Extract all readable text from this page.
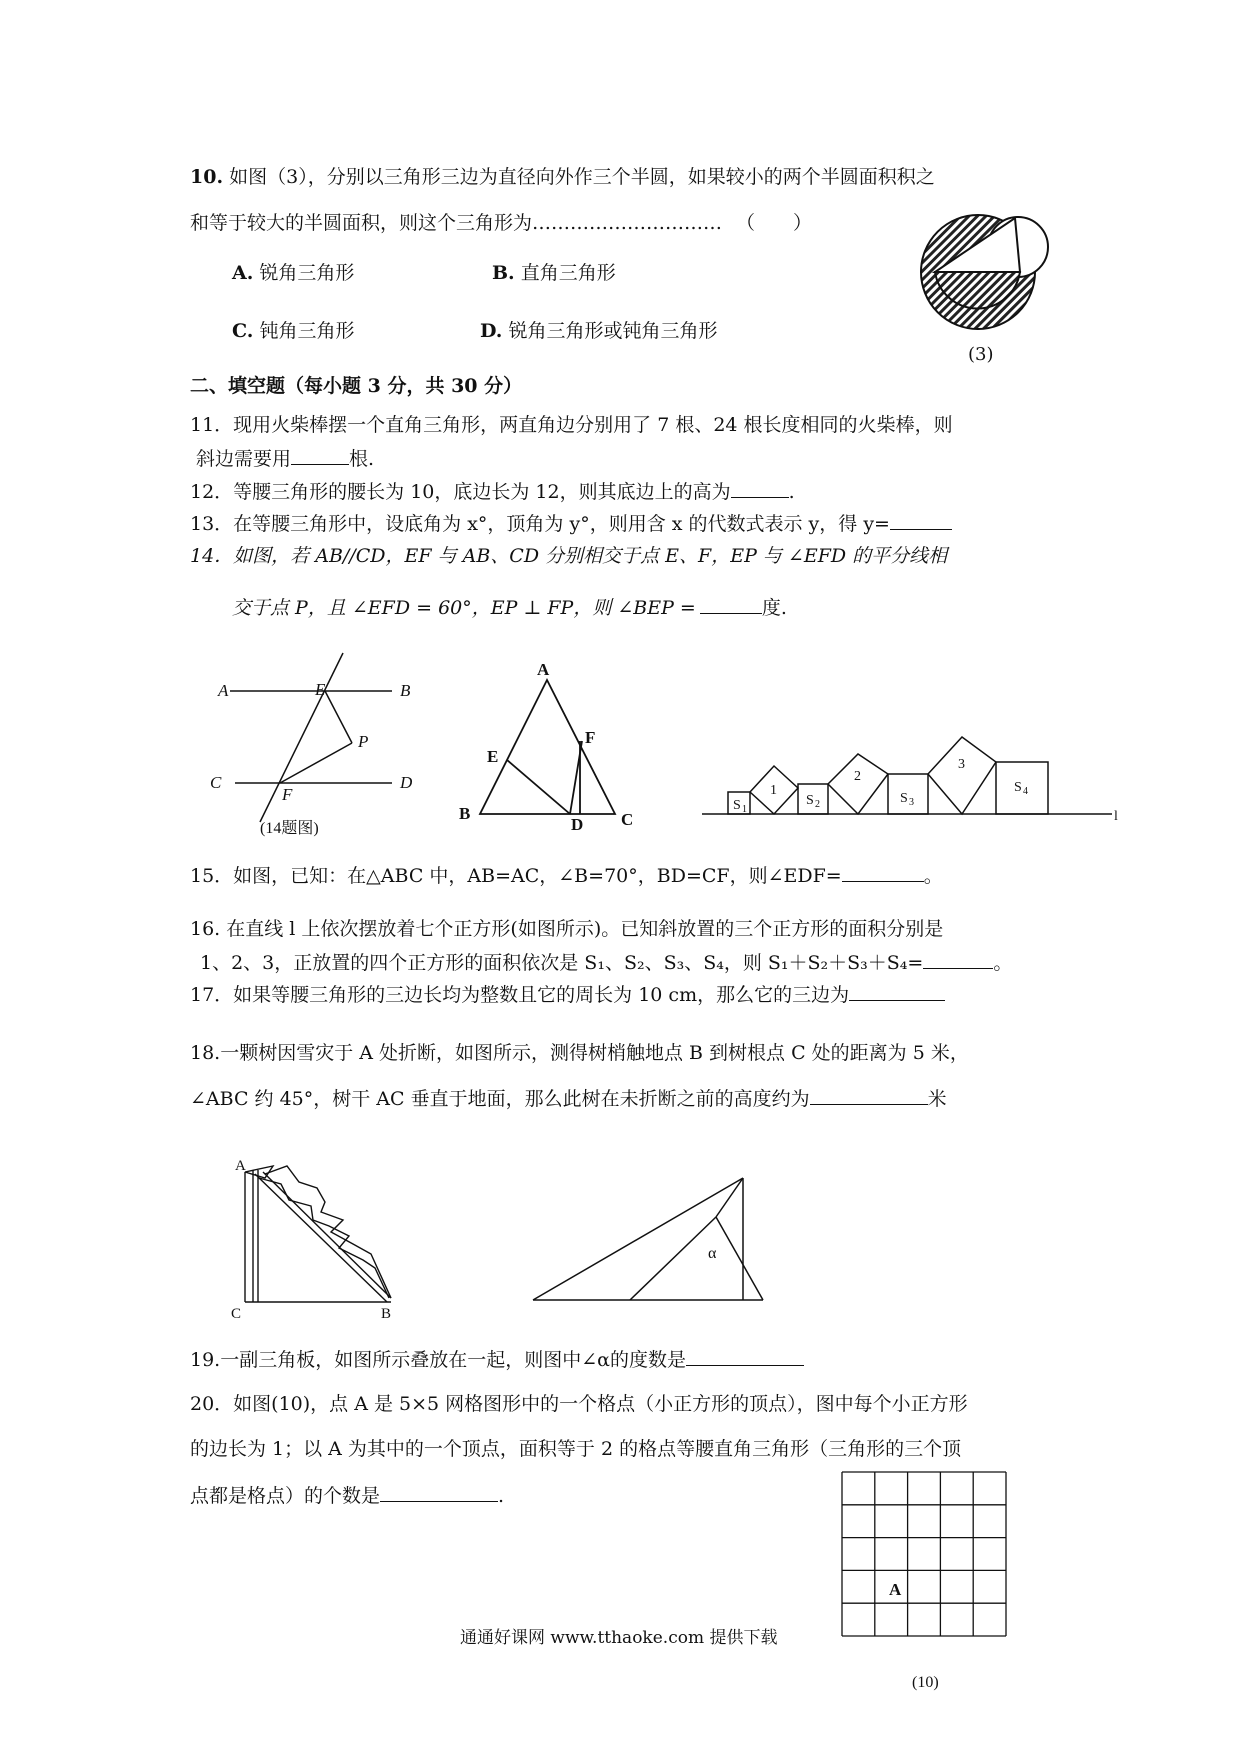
10. 如图（3），分别以三角形三边为直径向外作三个半圆，如果较小的两个半圆面积积之
和等于较大的半圆面积，则这个三角形为………………………… （　　）
A. 锐角三角形	B. 直角三角形
C. 钝角三角形	D. 锐角三角形或钝角三角形
(3)
二、填空题（每小题 3 分，共 30 分）
11．现用火柴棒摆一个直角三角形，两直角边分别用了 7 根、24 根长度相同的火柴棒，则
斜边需要用	根.
12．等腰三角形的腰长为 10，底边长为 12，则其底边上的高为	.
13．在等腰三角形中，设底角为 x°，顶角为 y°，则用含 x 的代数式表示 y，得 y=
14．如图，若 AB//CD，EF 与 AB、CD 分别相交于点 E、F，EP 与 ∠EFD 的平分线相
交于点 P，且 ∠EFD = 60°，EP ⊥ FP，则 ∠BEP =	度.
A	E	B
P
C
F
D
(14题图)
A
F
E
B
D C
S 1
1
S 2
2
S 3
3
S 4
l
15．如图，已知：在△ABC 中，AB=AC，∠B=70°，BD=CF，则∠EDF=	。
16. 在直线 l 上依次摆放着七个正方形(如图所示)。已知斜放置的三个正方形的面积分别是
1、2、3，正放置的四个正方形的面积依次是 S₁、S₂、S₃、S₄，则 S₁＋S₂＋S₃＋S₄=	。
17．如果等腰三角形的三边长均为整数且它的周长为 10 cm，那么它的三边为
18.一颗树因雪灾于 A 处折断，如图所示，测得树梢触地点 B 到树根点 C 处的距离为 5 米，
∠ABC 约 45°，树干 AC 垂直于地面，那么此树在未折断之前的高度约为	米
A
C	B
α
19.一副三角板，如图所示叠放在一起，则图中∠α的度数是
20．如图(10)，点 A 是 5×5 网格图形中的一个格点（小正方形的顶点），图中每个小正方形
的边长为 1；以 A 为其中的一个顶点，面积等于 2 的格点等腰直角三角形（三角形的三个顶
点都是格点）的个数是	.
A
(10)
通通好课网 www.tthaoke.com 提供下载
